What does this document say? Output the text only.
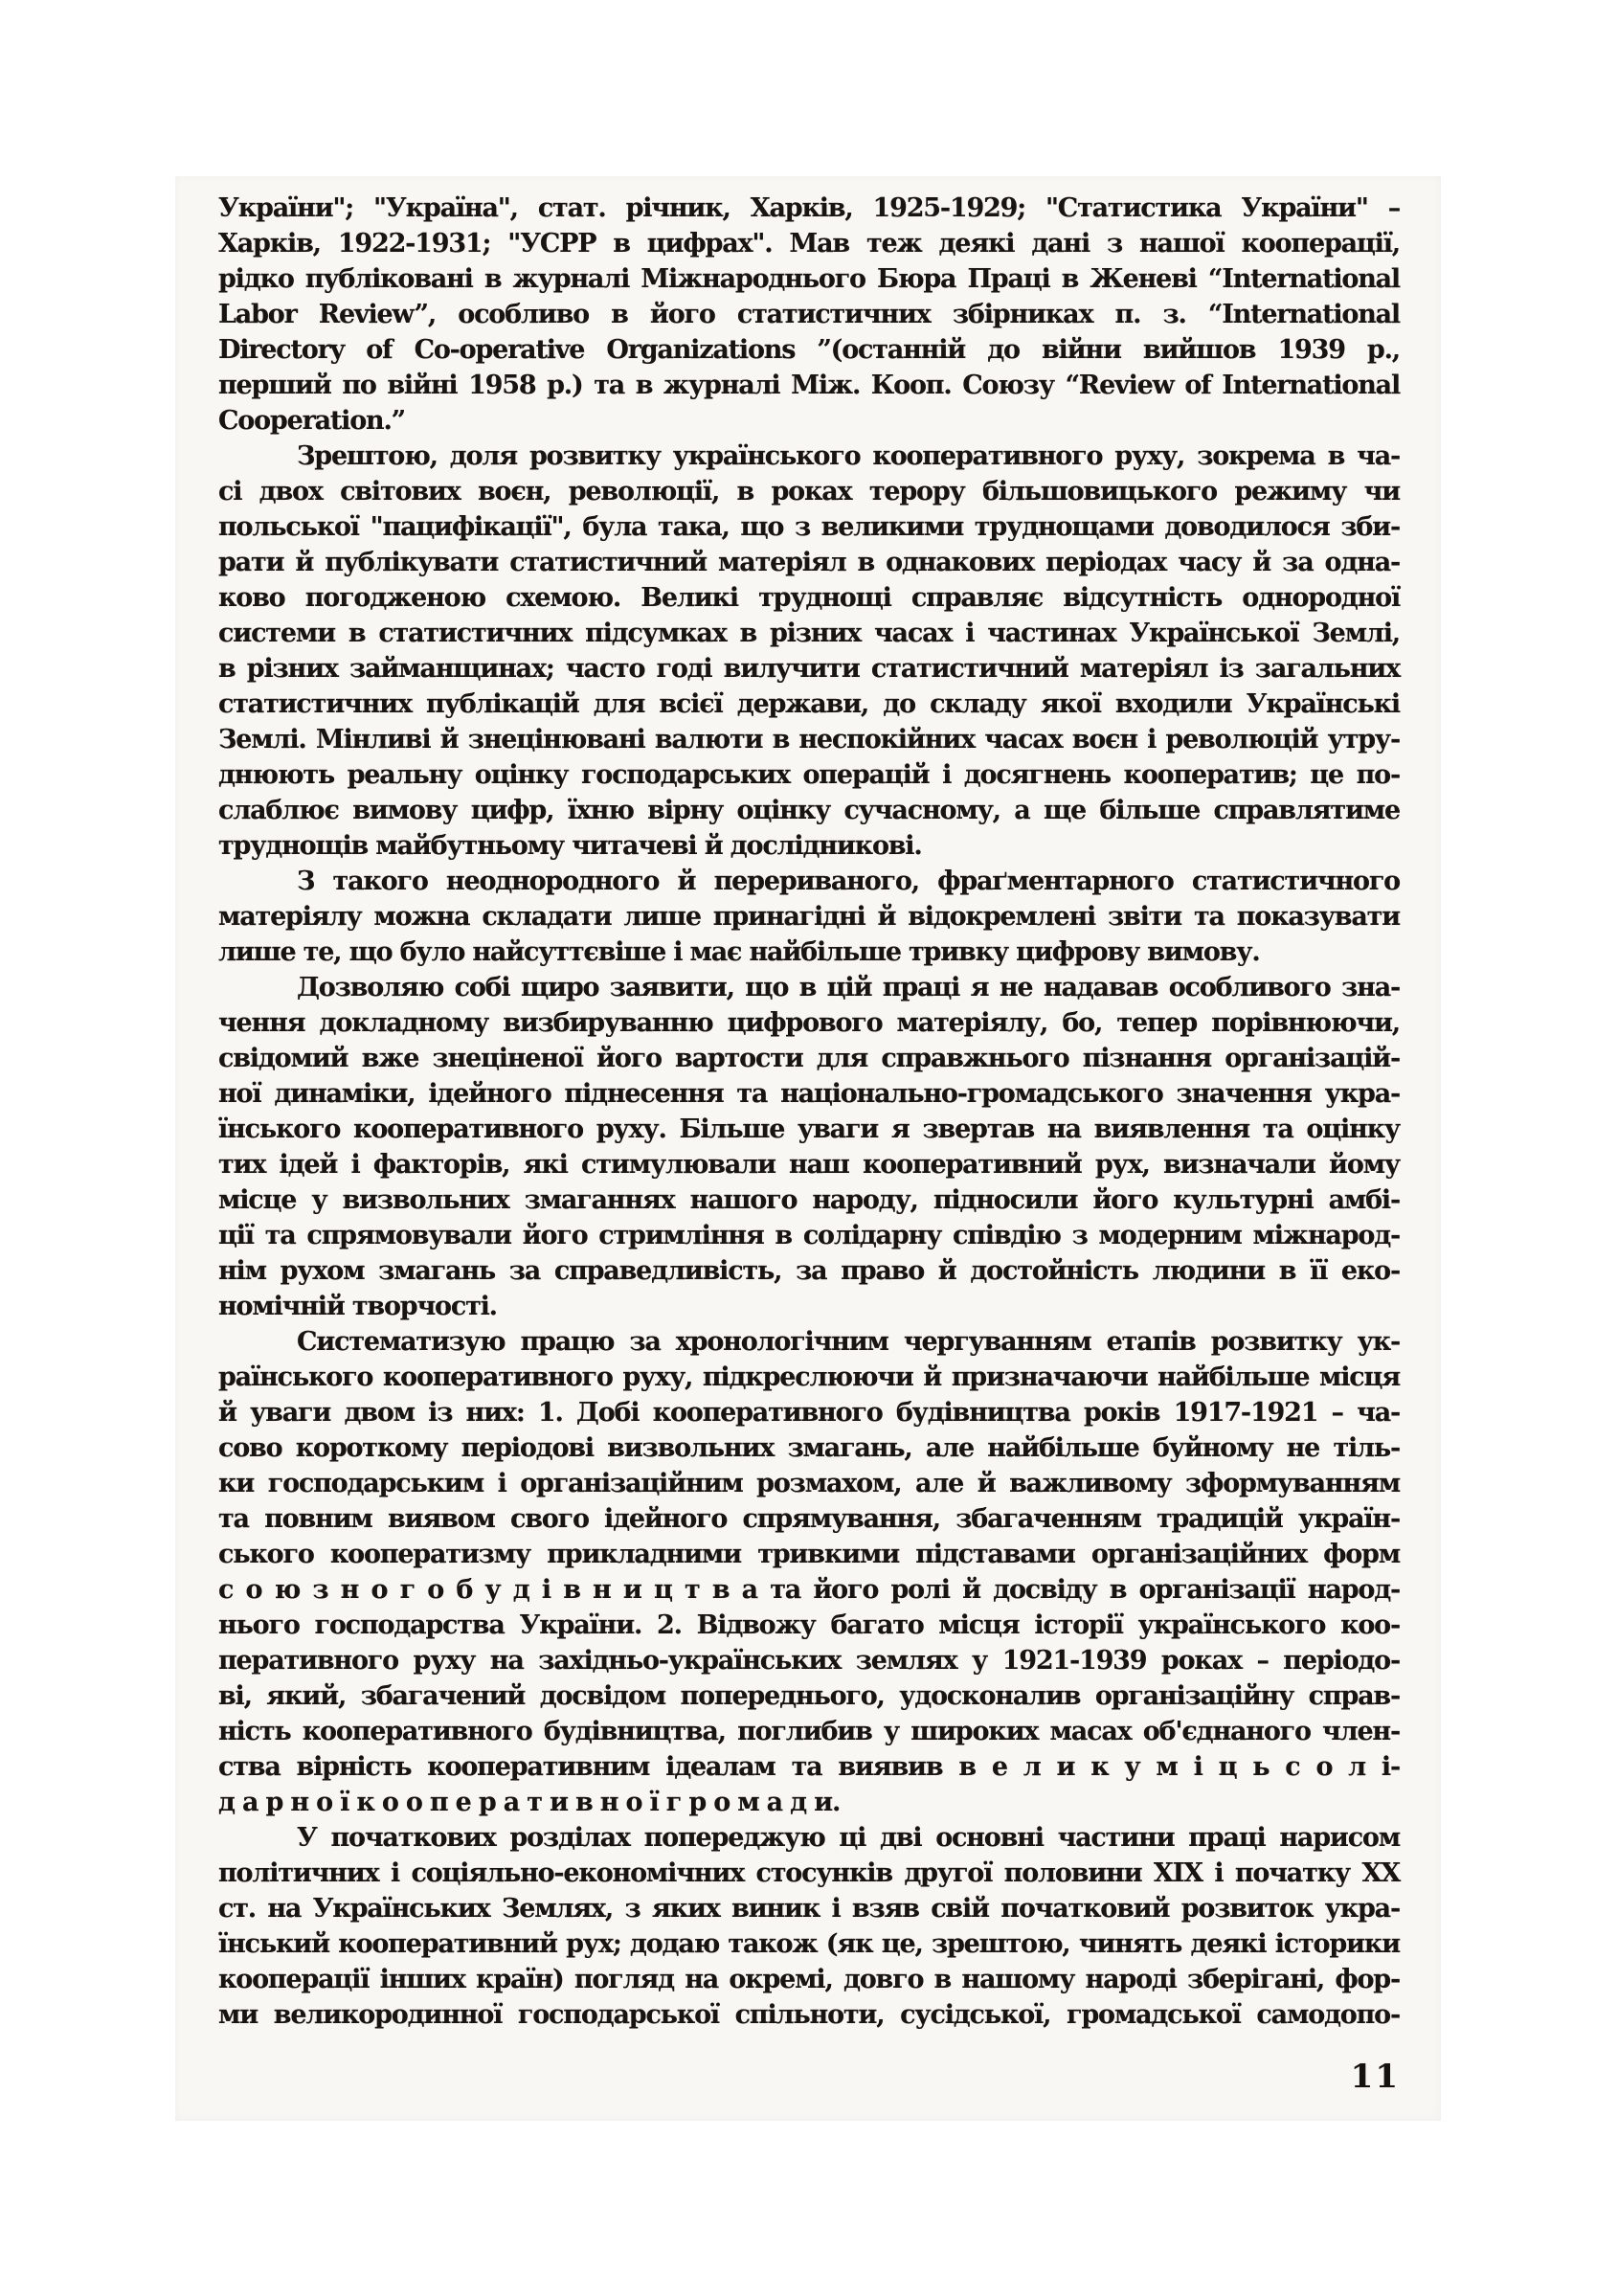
України"; "Україна", стат. річник, Харків, 1925-1929; "Статистика України" –
Харків, 1922-1931; "УСРР в цифрах". Мав теж деякі дані з нашої кооперації,
рідко публіковані в журналі Міжнароднього Бюра Праці в Женеві “International
Labor Review”, особливо в його статистичних збірниках п. з. “International
Directory of Co-operative Organizations ”(останній до війни вийшов 1939 р.,
перший по війні 1958 р.) та в журналі Між. Кооп. Союзу “Review of International
Cooperation.”
Зрештою, доля розвитку українського кооперативного руху, зокрема в ча-
сі двох світових воєн, революції, в роках терору більшовицького режиму чи
польської "пацифікації", була така, що з великими труднощами доводилося зби-
рати й публікувати статистичний матеріял в однакових періодах часу й за одна-
ково погодженою схемою. Великі труднощі справляє відсутність однородної
системи в статистичних підсумках в різних часах і частинах Української Землі,
в різних займанщинах; часто годі вилучити статистичний матеріял із загальних
статистичних публікацій для всієї держави, до складу якої входили Українські
Землі. Мінливі й знецінювані валюти в неспокійних часах воєн і революцій утру-
днюють реальну оцінку господарських операцій і досягнень кооператив; це по-
слаблює вимову цифр, їхню вірну оцінку сучасному, а ще більше справлятиме
труднощів майбутньому читачеві й дослідникові.
З такого неоднородного й перериваного, фраґментарного статистичного
матеріялу можна складати лише принагідні й відокремлені звіти та показувати
лише те, що було найсуттєвіше і має найбільше тривку цифрову вимову.
Дозволяю собі щиро заявити, що в цій праці я не надавав особливого зна-
чення докладному визбируванню цифрового матеріялу, бо, тепер порівнюючи,
свідомий вже знеціненої його вартости для справжнього пізнання організацій-
ної динаміки, ідейного піднесення та національно-громадського значення укра-
їнського кооперативного руху. Більше уваги я звертав на виявлення та оцінку
тих ідей і факторів, які стимулювали наш кооперативний рух, визначали йому
місце у визвольних змаганнях нашого народу, підносили його культурні амбі-
ції та спрямовували його стримління в солідарну співдію з модерним міжнарод-
нім рухом змагань за справедливість, за право й достойність людини в її еко-
номічній творчості.
Систематизую працю за хронологічним чергуванням етапів розвитку ук-
раїнського кооперативного руху, підкреслюючи й призначаючи найбільше місця
й уваги двом із них: 1. Добі кооперативного будівництва років 1917-1921 – ча-
сово короткому періодові визвольних змагань, але найбільше буйному не тіль-
ки господарським і організаційним розмахом, але й важливому зформуванням
та повним виявом свого ідейного спрямування, збагаченням традицій україн-
ського кооператизму прикладними тривкими підставами організаційних форм
с о ю з н о г о б у д і в н и ц т в а та його ролі й досвіду в організації народ-
нього господарства України. 2. Відвожу багато місця історії українського коо-
перативного руху на західньо-українських землях у 1921-1939 роках – періодо-
ві, який, збагачений досвідом попереднього, удосконалив організаційну справ-
ність кооперативного будівництва, поглибив у широких масах об'єднаного член-
ства вірність кооперативним ідеалам та виявив в е л и к у м і ц ь с о л і-
д а р н о ї к о о п е р а т и в н о ї г р о м а д и.
У початкових розділах попереджую ці дві основні частини праці нарисом
політичних і соціяльно-економічних стосунків другої половини XIX і початку XX
ст. на Українських Землях, з яких виник і взяв свій початковий розвиток укра-
їнський кооперативний рух; додаю також (як це, зрештою, чинять деякі історики
кооперації інших країн) погляд на окремі, довго в нашому народі зберігані, фор-
ми великородинної господарської спільноти, сусідської, громадської самодопо-
11
